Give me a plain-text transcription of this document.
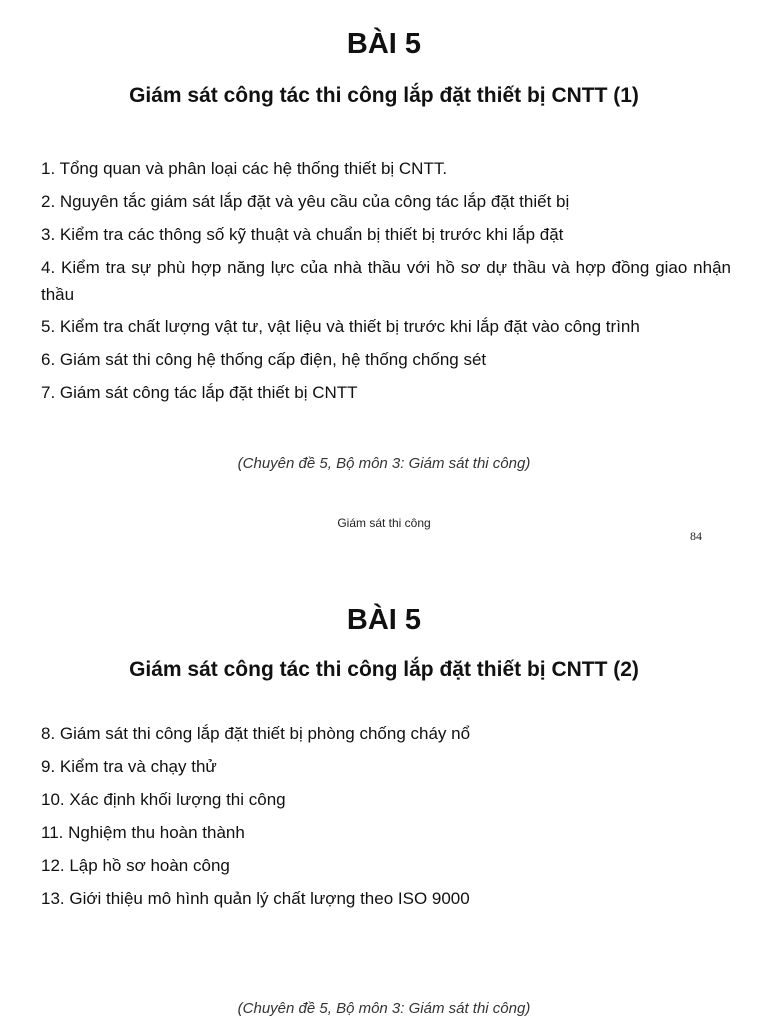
BÀI 5
Giám sát công tác thi công lắp đặt thiết bị CNTT (1)
1. Tổng quan và phân loại các hệ thống thiết bị CNTT.
2. Nguyên tắc giám sát lắp đặt và yêu cầu của công tác lắp đặt thiết bị
3. Kiểm tra các thông số kỹ thuật và chuẩn bị thiết bị trước khi lắp đặt
4. Kiểm tra sự phù hợp năng lực của nhà thầu với hồ sơ dự thầu và hợp đồng giao nhận thầu
5. Kiểm tra chất lượng vật tư, vật liệu và thiết bị trước khi lắp đặt vào công trình
6. Giám sát thi công hệ thống cấp điện, hệ thống chống sét
7. Giám sát công tác lắp đặt thiết bị CNTT
(Chuyên đề 5, Bộ môn 3: Giám sát thi công)
Giám sát thi công
84
BÀI 5
Giám sát công tác thi công lắp đặt thiết bị CNTT (2)
8. Giám sát thi công lắp đặt thiết bị phòng chống cháy nổ
9. Kiểm tra và chạy thử
10. Xác định khối lượng thi công
11. Nghiệm thu hoàn thành
12. Lập hồ sơ hoàn công
13. Giới thiệu mô hình quản lý chất lượng theo ISO 9000
(Chuyên đề 5, Bộ môn 3: Giám sát thi công)
